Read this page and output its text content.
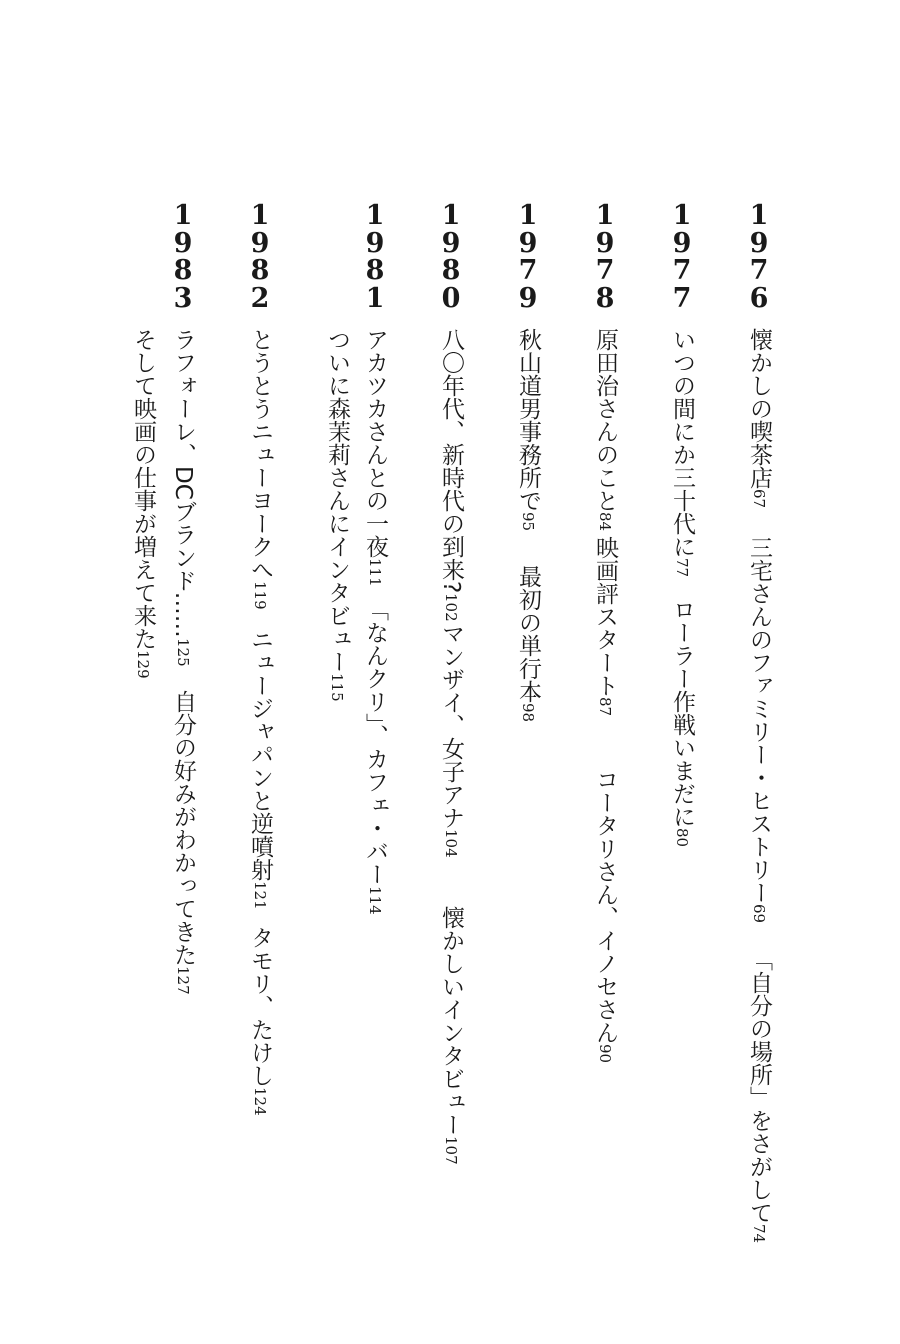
1
9
7
6
懐かしの喫茶店67
三宅さんのファミリー・ヒストリー69
「自分の場所」をさがして74
1
9
7
7
いつの間にか三十代に77
ローラー作戦いまだに80
1
9
7
8
原田治さんのこと84
映画評スタート87
コータリさん、イノセさん90
1
9
7
9
秋山道男事務所で95
最初の単行本98
1
9
8
0
八〇年代、新時代の到来?102
マンザイ、女子アナ104
懐かしいインタビュー107
1
9
8
1
アカツカさんとの一夜111
「なんクリ」、カフェ・バー114
ついに森茉莉さんにインタビュー115
1
9
8
2
とうとうニューヨークへ119
ニュージャパンと逆噴射121
タモリ、たけし124
1
9
8
3
ラフォーレ、DCブランド……125
自分の好みがわかってきた127
そして映画の仕事が増えて来た129
